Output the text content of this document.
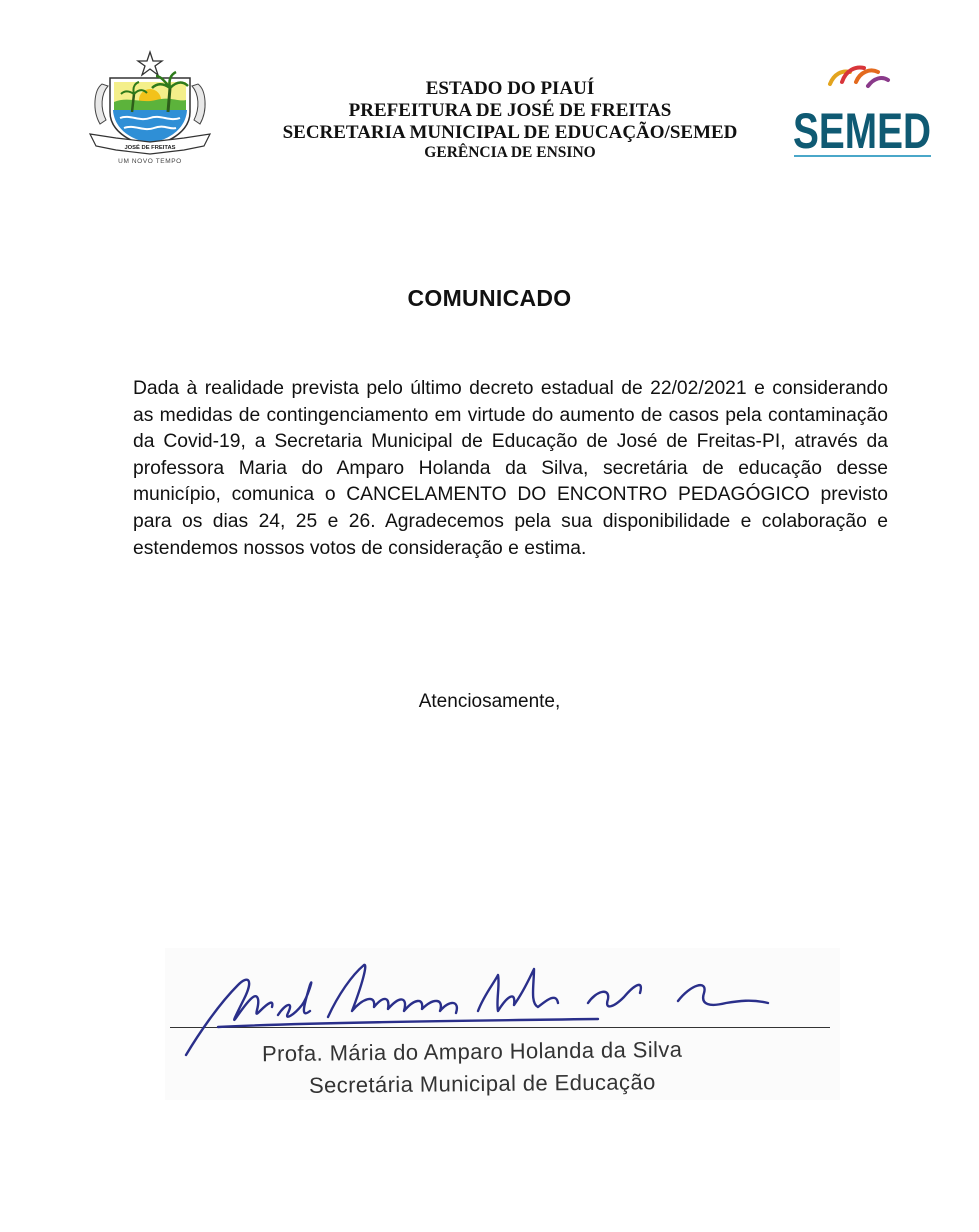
JOSÉ DE FREITAS
UM NOVO TEMPO
ESTADO DO PIAUÍ
PREFEITURA DE JOSÉ DE FREITAS
SECRETARIA MUNICIPAL DE EDUCAÇÃO/SEMED
GERÊNCIA DE ENSINO	SEMED
COMUNICADO
Dada à realidade prevista pelo último decreto estadual de 22/02/2021 e considerando as medidas de contingenciamento em virtude do aumento de casos pela contaminação da Covid-19, a Secretaria Municipal de Educação de José de Freitas-PI, através da professora Maria do Amparo Holanda da Silva, secretária de educação desse município, comunica o CANCELAMENTO DO ENCONTRO PEDAGÓGICO previsto para os dias 24, 25 e 26. Agradecemos pela sua disponibilidade e colaboração e estendemos nossos votos de consideração e estima.
Atenciosamente,
Profa. Mária do Amparo Holanda da Silva
Secretária Municipal de Educação
